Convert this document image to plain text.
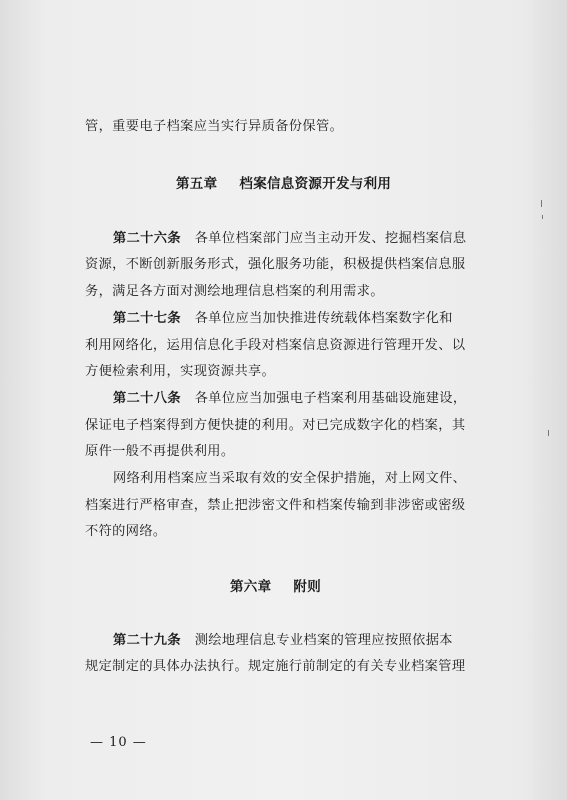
管，重要电子档案应当实行异质备份保管。
第五章 档案信息资源开发与利用
第二十六条 各单位档案部门应当主动开发、挖掘档案信息
资源，不断创新服务形式，强化服务功能，积极提供档案信息服
务，满足各方面对测绘地理信息档案的利用需求。
第二十七条 各单位应当加快推进传统载体档案数字化和
利用网络化，运用信息化手段对档案信息资源进行管理开发、以
方便检索利用，实现资源共享。
第二十八条 各单位应当加强电子档案利用基础设施建设，
保证电子档案得到方便快捷的利用。对已完成数字化的档案，其
原件一般不再提供利用。
网络利用档案应当采取有效的安全保护措施，对上网文件、
档案进行严格审查，禁止把涉密文件和档案传输到非涉密或密级
不符的网络。
第六章 附则
第二十九条 测绘地理信息专业档案的管理应按照依据本
规定制定的具体办法执行。规定施行前制定的有关专业档案管理
— 10 —
